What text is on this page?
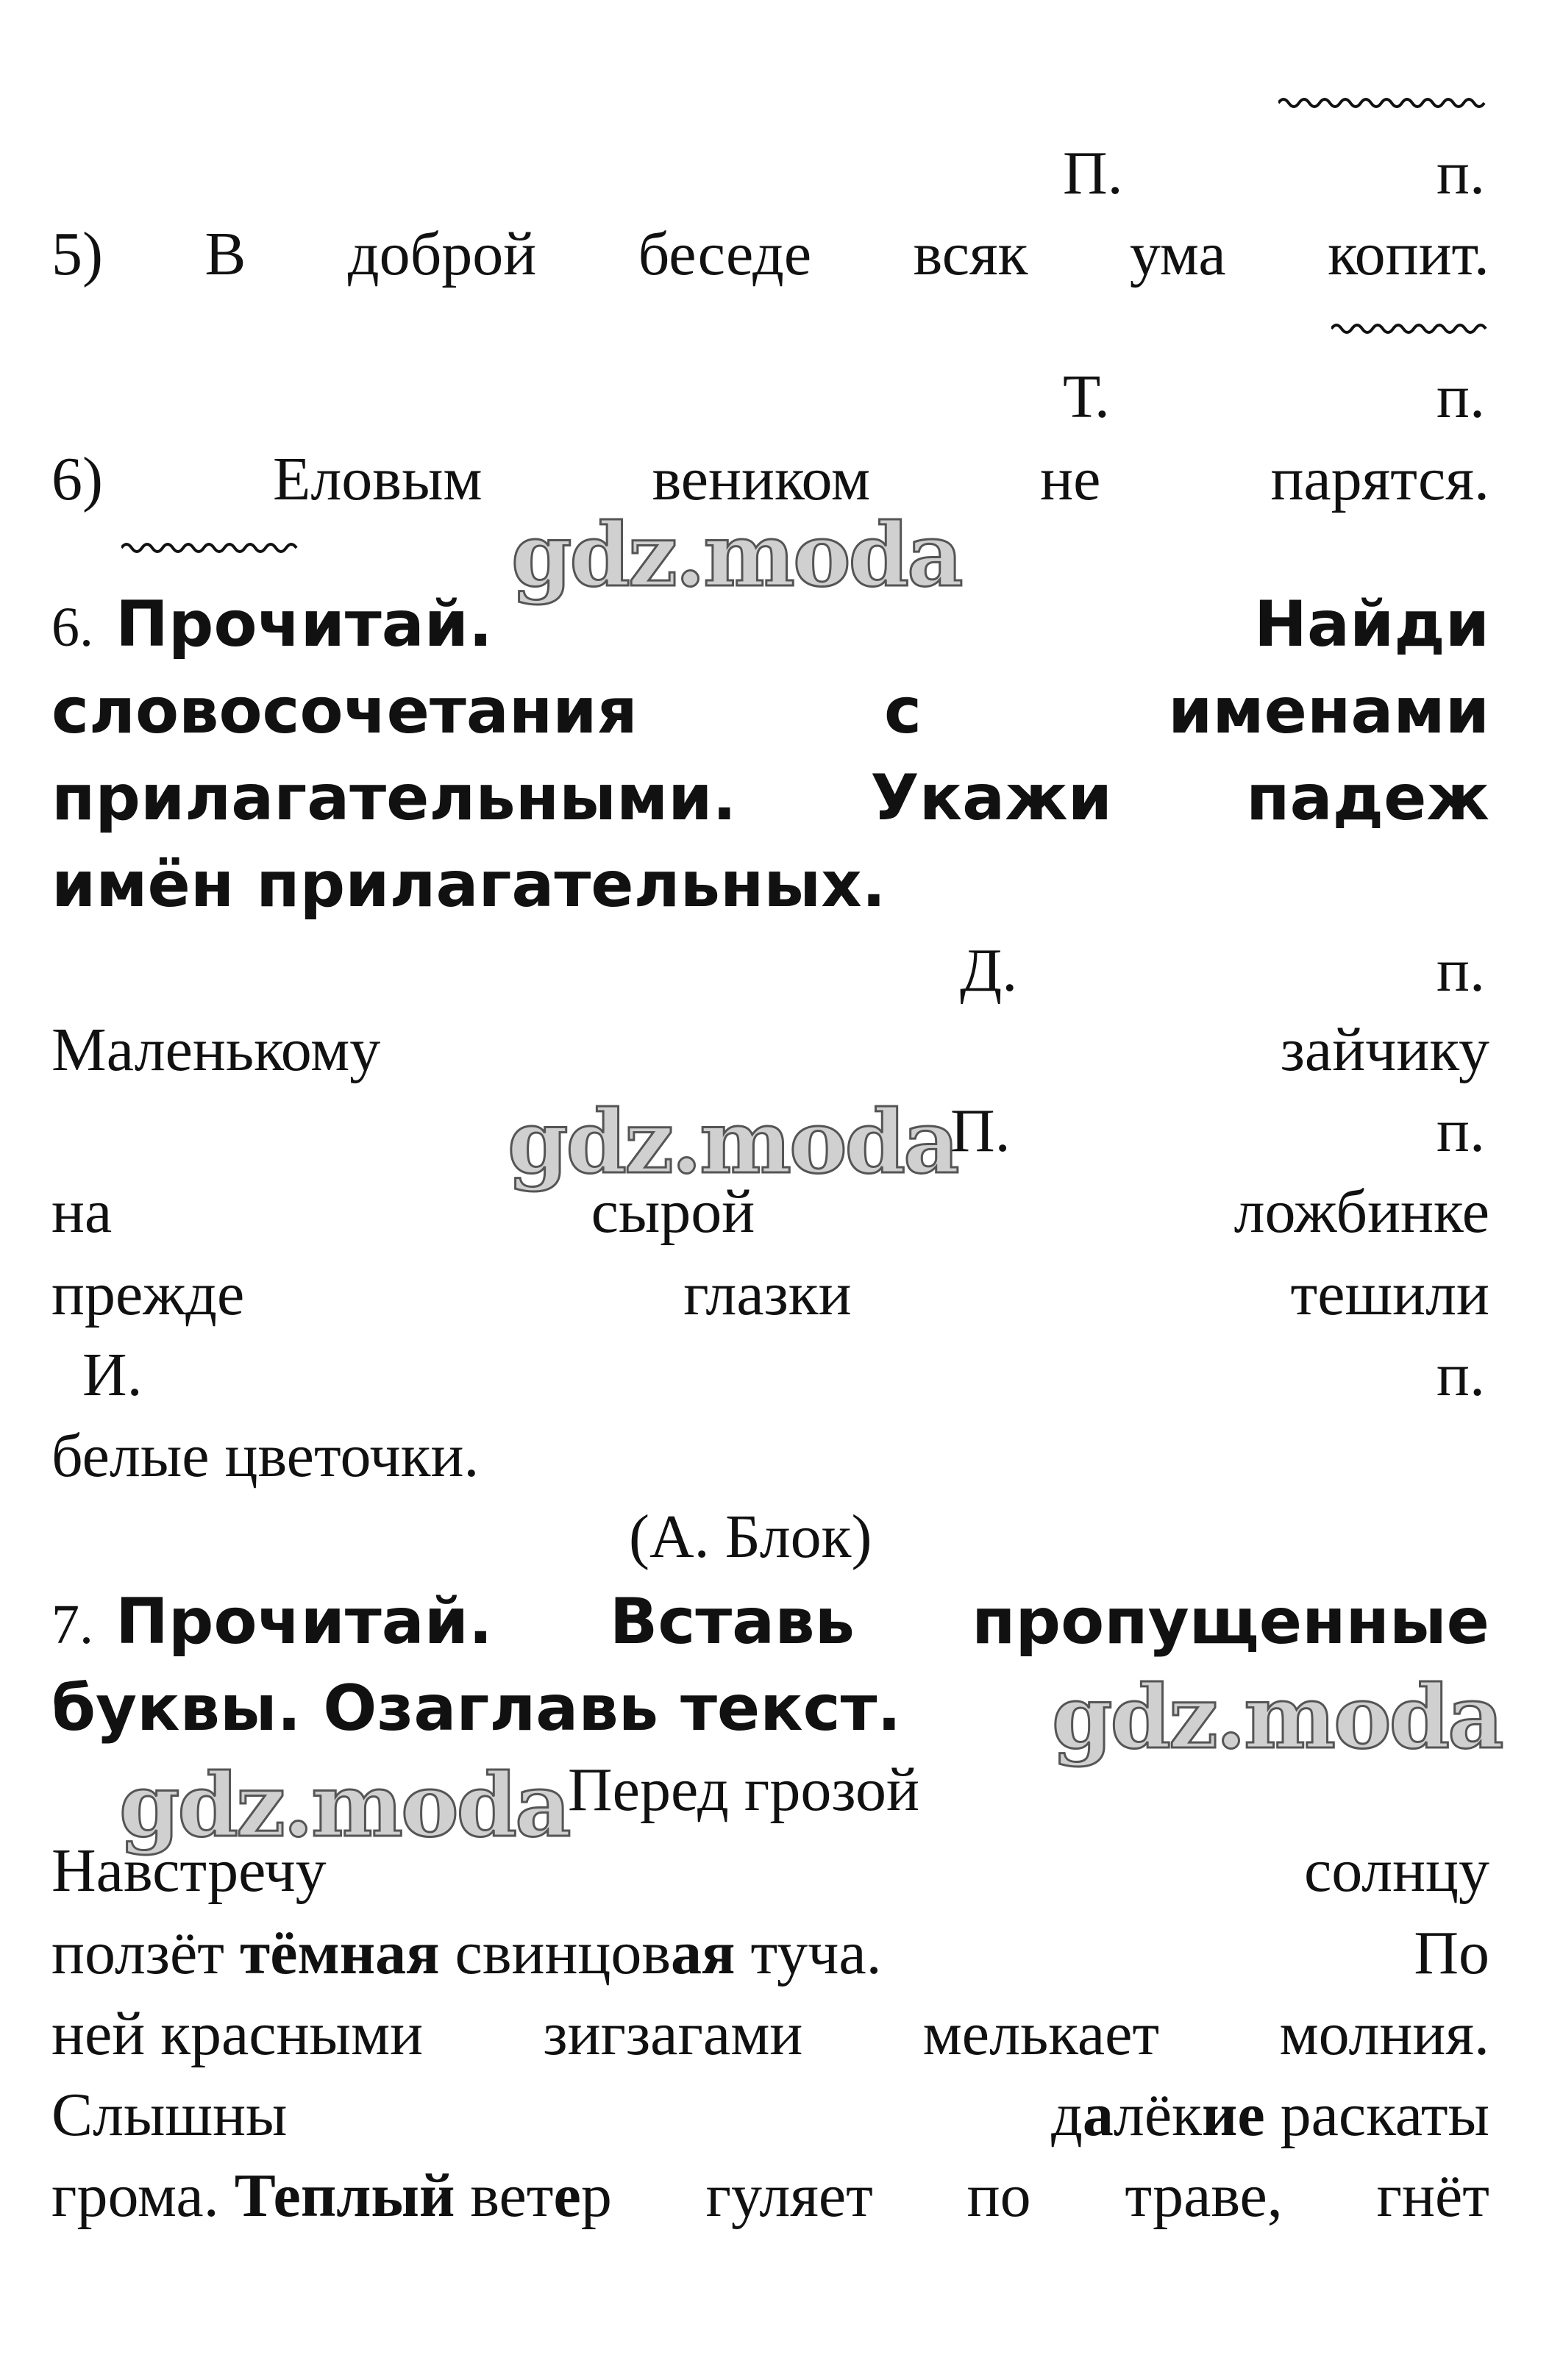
П.	п.
5) В доброй беседе всяк ума копит.
Т.	п.
6)	Еловым	веником	не	парятся.
gdz.moda
6. Прочитай.	Найди
словосочетания	с	именами
прилагательными. Укажи падеж
имён прилагательных.
Д.	п.
Маленькому	зайчику
gdz.moda
П.	п.
на	сырой	ложбинке
прежде	глазки	тешили
И.	п.
белые цветочки.
(А. Блок)
7. Прочитай. Вставь пропущенные
буквы. Озаглавь текст. gdz.moda
gdz.moda
Перед грозой
Навстречу	солнцу
ползёт тёмная свинцовая туча.	По
ней красными зигзагами мелькает молния.
Слышны	далёкие раскаты
грома. Теплый ветер гуляет по траве, гнёт
